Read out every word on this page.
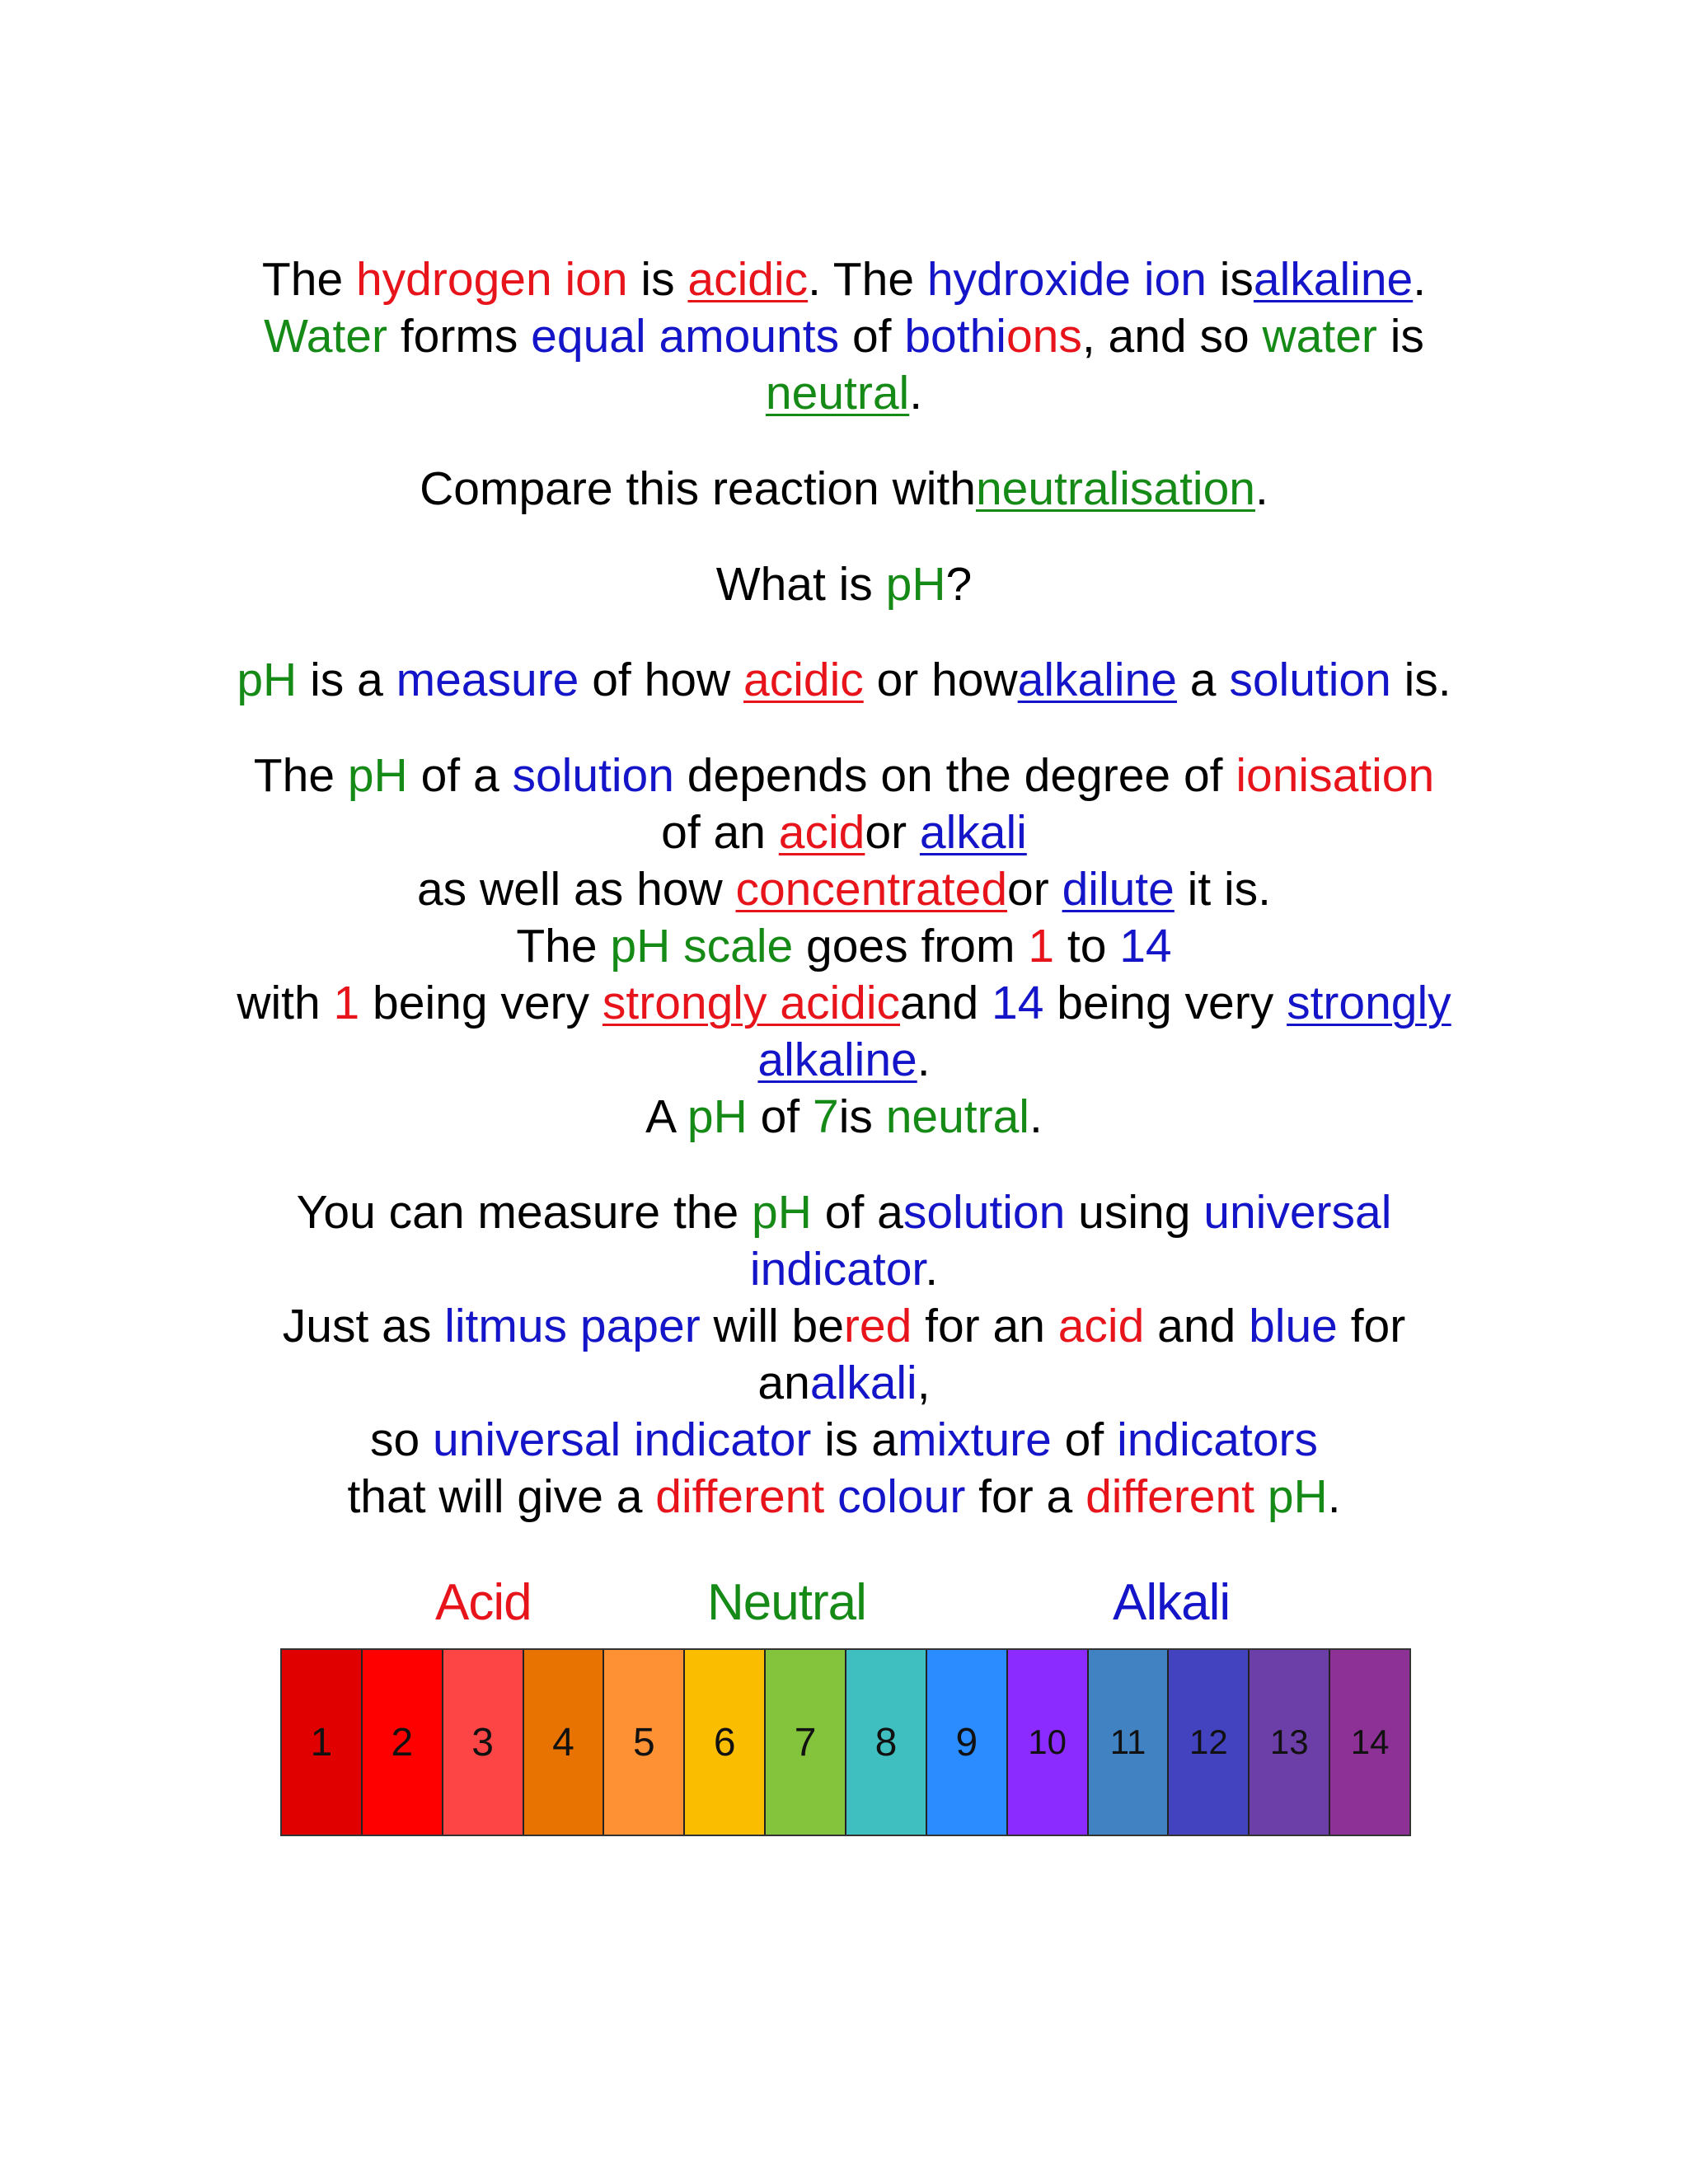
The hydrogen ion is acidic. The hydroxide ion isalkaline.
Water forms equal amounts of bothions, and so water is
neutral.

Compare this reaction withneutralisation.

What is pH?

pH is a measure of how acidic or howalkaline a solution is.

The pH of a solution depends on the degree of ionisation
of an acidor alkali
as well as how concentratedor dilute it is.
The pH scale goes from 1 to 14
with 1 being very strongly acidicand 14 being very strongly
alkaline.
A pH of 7is neutral.

You can measure the pH of asolution using universal
indicator.
Just as litmus paper will bered for an acid and blue for
analkali,
so universal indicator is amixture of indicators
that will give a different colour for a different pH.

Acid	Neutral	Alkali
1	2	3	4	5	6	7	8	9	10	11	12	13	14
